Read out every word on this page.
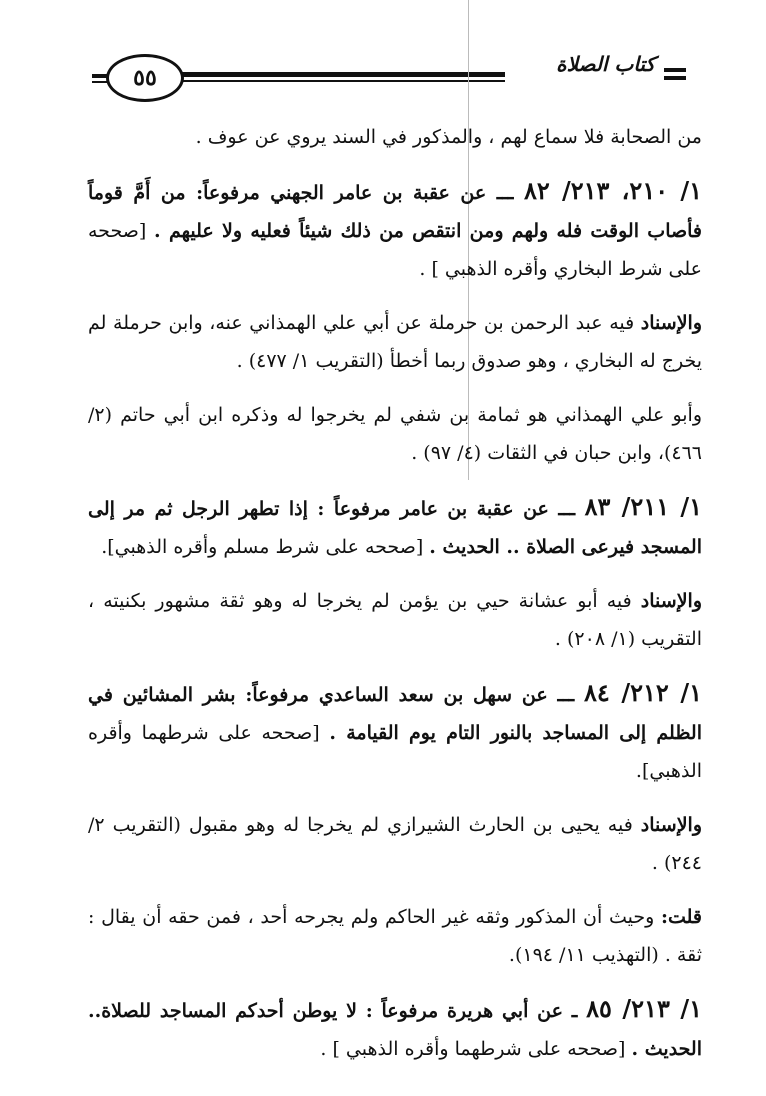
كتاب الصلاة
٥٥

من الصحابة فلا سماع لهم ، والمذكور في السند يروي عن عوف .

١/ ٢١٠، ٢١٣/ ٨٢ ـــ عن عقبة بن عامر الجهني مرفوعاً: من أَمَّ قوماً فأصاب الوقت فله ولهم ومن انتقص من ذلك شيئاً فعليه ولا عليهم . [صححه على شرط البخاري وأقره الذهبي ] .

والإسناد فيه عبد الرحمن بن حرملة عن أبي علي الهمذاني عنه، وابن حرملة لم يخرج له البخاري ، وهو صدوق ربما أخطأ (التقريب ١/ ٤٧٧) .

وأبو علي الهمذاني هو ثمامة بن شفي لم يخرجوا له وذكره ابن أبي حاتم (٢/ ٤٦٦)، وابن حبان في الثقات (٤/ ٩٧) .

١/ ٢١١/ ٨٣ ـــ عن عقبة بن عامر مرفوعاً : إذا تطهر الرجل ثم مر إلى المسجد فيرعى الصلاة .. الحديث . [صححه على شرط مسلم وأقره الذهبي].

والإسناد فيه أبو عشانة حيي بن يؤمن لم يخرجا له وهو ثقة مشهور بكنيته ، التقريب (١/ ٢٠٨) .

١/ ٢١٢/ ٨٤ ـــ عن سهل بن سعد الساعدي مرفوعاً: بشر المشائين في الظلم إلى المساجد بالنور التام يوم القيامة . [صححه على شرطهما وأقره الذهبي].

والإسناد فيه يحيى بن الحارث الشيرازي لم يخرجا له وهو مقبول (التقريب ٢/ ٢٤٤) .

قلت: وحيث أن المذكور وثقه غير الحاكم ولم يجرحه أحد ، فمن حقه أن يقال : ثقة . (التهذيب ١١/ ١٩٤).

١/ ٢١٣/ ٨٥ ـ عن أبي هريرة مرفوعاً : لا يوطن أحدكم المساجد للصلاة.. الحديث . [صححه على شرطهما وأقره الذهبي ] .
